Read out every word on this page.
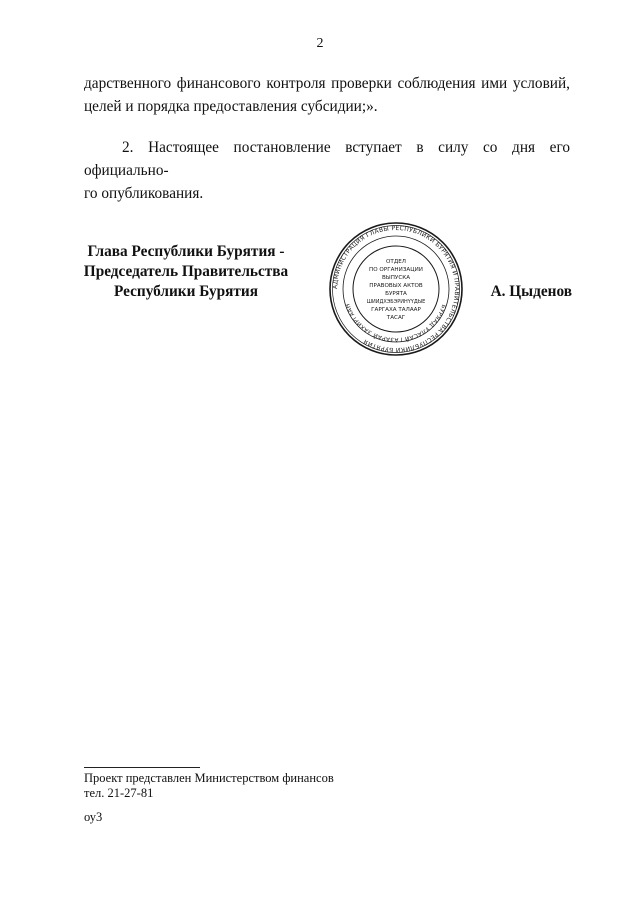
2
дарственного финансового контроля проверки соблюдения ими условий,
целей и порядка предоставления субсидии;».
2. Настоящее постановление вступает в силу со дня его официально-
го опубликования.
Глава Республики Бурятия -
Председатель Правительства
Республики Бурятия	АДМИНИСТРАЦИЯ ГЛАВЫ РЕСПУБЛИКИ БУРЯТИЯ И ПРАВИТЕЛЬСТВА РЕСПУБЛИКИ БУРЯТИЯ
БУРЯАД УЛАСАЙ ГАЗАРАЙ ЗАХИРГААН
ОТДЕЛ
ПО ОРГАНИЗАЦИИ
ВЫПУСКА
ПРАВОВЫХ АКТОВ
БУРЯТА
ШИИДХЭБЭРИНҮҮДЫЕ
ГАРГАХА ТАЛААР
ТАСАГ
А. Цыденов
Проект представлен Министерством финансов
тел. 21-27-81
оу3
